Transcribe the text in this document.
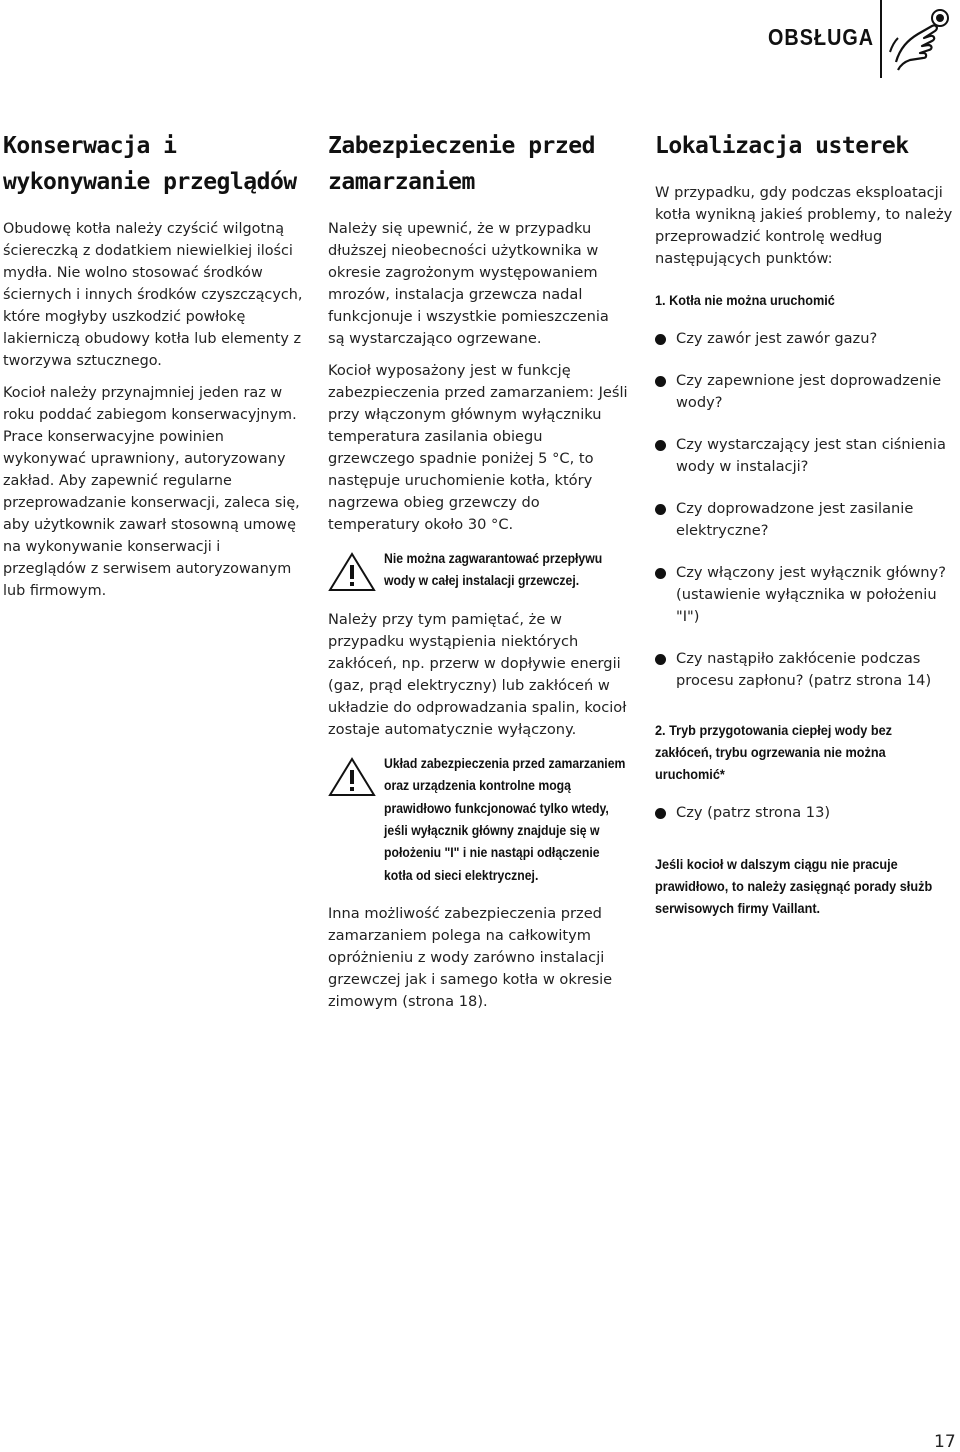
OBSŁUGA
Konserwacja i wykonywanie przeglądów

Obudowę kotła należy czyścić wilgotną ściereczką z dodatkiem niewielkiej ilości mydła. Nie wolno stosować środków ściernych i innych środków czyszczących, które mogłyby uszkodzić powłokę lakierniczą obudowy kotła lub elementy z tworzywa sztucznego.

Kocioł należy przynajmniej jeden raz w roku poddać zabiegom konserwacyjnym. Prace konserwacyjne powinien wykonywać uprawniony, autoryzowany zakład. Aby zapewnić regularne przeprowadzanie konserwacji, zaleca się, aby użytkownik zawarł stosowną umowę na wykonywanie konserwacji i przeglądów z serwisem autoryzowanym lub firmowym.

Zabezpieczenie przed zamarzaniem

Należy się upewnić, że w przypadku dłuższej nieobecności użytkownika w okresie zagrożonym występowaniem mrozów, instalacja grzewcza nadal funkcjonuje i wszystkie pomieszczenia są wystarczająco ogrzewane.

Kocioł wyposażony jest w funkcję zabezpieczenia przed zamarzaniem: Jeśli przy włączonym głównym wyłączniku temperatura zasilania obiegu grzewczego spadnie poniżej 5 °C, to następuje uruchomienie kotła, który nagrzewa obieg grzewczy do temperatury około 30 °C.

Nie można zagwarantować przepływu wody w całej instalacji grzewczej.

Należy przy tym pamiętać, że w przypadku wystąpienia niektórych zakłóceń, np. przerw w dopływie energii (gaz, prąd elektryczny) lub zakłóceń w układzie do odprowadzania spalin, kocioł zostaje automatycznie wyłączony.

Układ zabezpieczenia przed zamarzaniem oraz urządzenia kontrolne mogą prawidłowo funkcjonować tylko wtedy, jeśli wyłącznik główny znajduje się w położeniu "I" i nie nastąpi odłączenie kotła od sieci elektrycznej.

Inna możliwość zabezpieczenia przed zamarzaniem polega na całkowitym opróżnieniu z wody zarówno instalacji grzewczej jak i samego kotła w okresie zimowym (strona 18).

Lokalizacja usterek

W przypadku, gdy podczas eksploatacji kotła wynikną jakieś problemy, to należy przeprowadzić kontrolę według następujących punktów:

1. Kotła nie można uruchomić
Czy zawór jest zawór gazu?
Czy zapewnione jest doprowadzenie wody?
Czy wystarczający jest stan ciśnienia wody w instalacji?
Czy doprowadzone jest zasilanie elektryczne?
Czy włączony jest wyłącznik główny? (ustawienie wyłącznika w położeniu "I")
Czy nastąpiło zakłócenie podczas procesu zapłonu? (patrz strona 14)
2. Tryb przygotowania ciepłej wody bez zakłóceń, trybu ogrzewania nie można uruchomić*
Czy (patrz strona 13)
Jeśli kocioł w dalszym ciągu nie pracuje prawidłowo, to należy zasięgnąć porady służb serwisowych firmy Vaillant.
17
